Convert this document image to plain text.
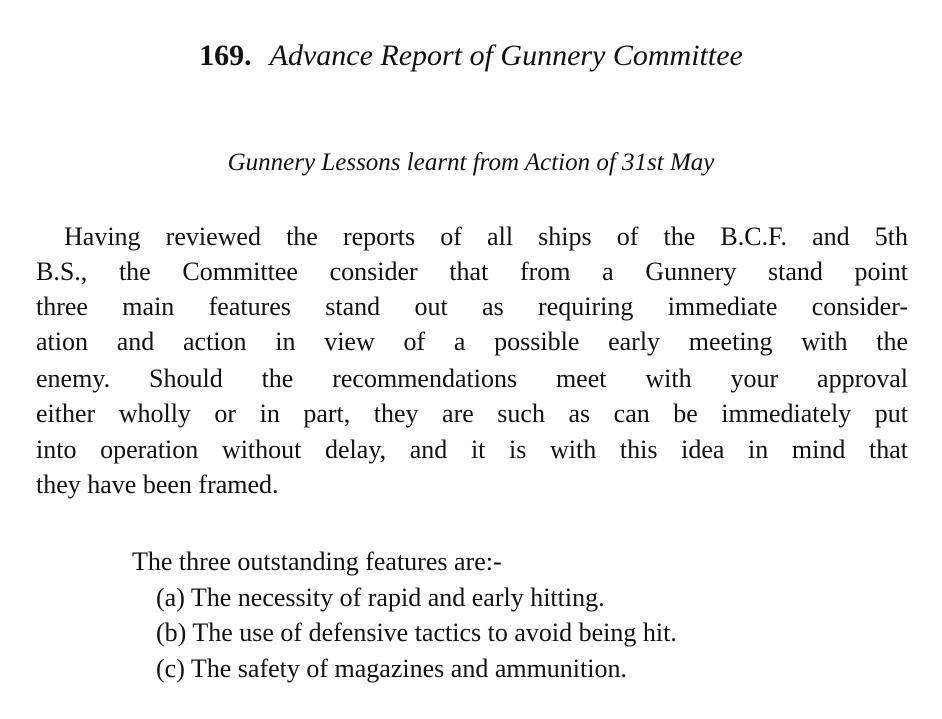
169. Advance Report of Gunnery Committee
Gunnery Lessons learnt from Action of 31st May
Having reviewed the reports of all ships of the B.C.F. and 5th
B.S., the Committee consider that from a Gunnery stand point
three main features stand out as requiring immediate consider-
ation and action in view of a possible early meeting with the
enemy. Should the recommendations meet with your approval
either wholly or in part, they are such as can be immediately put
into operation without delay, and it is with this idea in mind that
they have been framed.
The three outstanding features are:-
(a) The necessity of rapid and early hitting.
(b) The use of defensive tactics to avoid being hit.
(c) The safety of magazines and ammunition.
